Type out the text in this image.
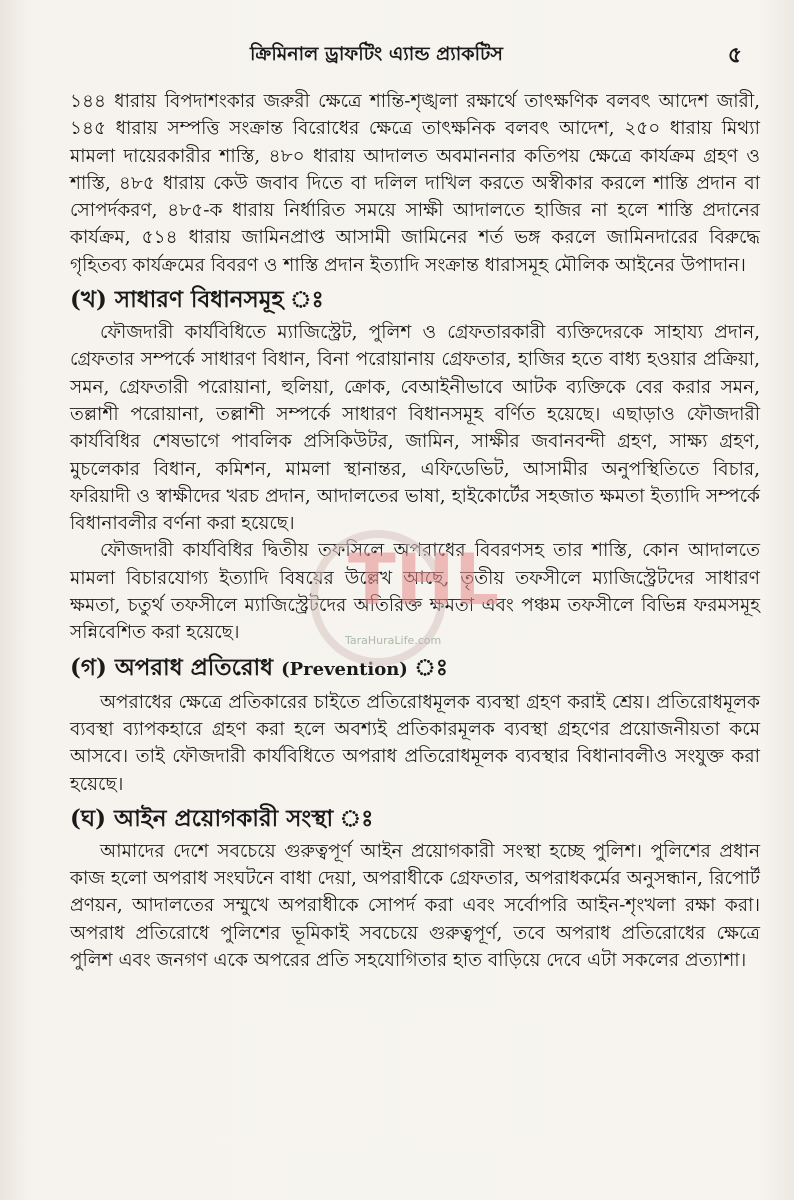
ক্রিমিনাল ড্রাফটিং এ্যান্ড প্র্যাকটিস	৫

১৪৪ ধারায় বিপদাশংকার জরুরী ক্ষেত্রে শান্তি-শৃঙ্খলা রক্ষার্থে তাৎক্ষণিক বলবৎ আদেশ জারী, ১৪৫ ধারায় সম্পত্তি সংক্রান্ত বিরোধের ক্ষেত্রে তাৎক্ষনিক বলবৎ আদেশ, ২৫০ ধারায় মিথ্যা মামলা দায়েরকারীর শাস্তি, ৪৮০ ধারায় আদালত অবমাননার কতিপয় ক্ষেত্রে কার্যক্রম গ্রহণ ও শাস্তি, ৪৮৫ ধারায় কেউ জবাব দিতে বা দলিল দাখিল করতে অস্বীকার করলে শাস্তি প্রদান বা সোপর্দকরণ, ৪৮৫-ক ধারায় নির্ধারিত সময়ে সাক্ষী আদালতে হাজির না হলে শাস্তি প্রদানের কার্যক্রম, ৫১৪ ধারায় জামিনপ্রাপ্ত আসামী জামিনের শর্ত ভঙ্গ করলে জামিনদারের বিরুদ্ধে গৃহিতব্য কার্যক্রমের বিবরণ ও শাস্তি প্রদান ইত্যাদি সংক্রান্ত ধারাসমূহ মৌলিক আইনের উপাদান।

(খ) সাধারণ বিধানসমূহ ঃ

ফৌজদারী কার্যবিধিতে ম্যাজিস্ট্রেট, পুলিশ ও গ্রেফতারকারী ব্যক্তিদেরকে সাহায্য প্রদান, গ্রেফতার সম্পর্কে সাধারণ বিধান, বিনা পরোয়ানায় গ্রেফতার, হাজির হতে বাধ্য হওয়ার প্রক্রিয়া, সমন, গ্রেফতারী পরোয়ানা, হুলিয়া, ক্রোক, বেআইনীভাবে আটক ব্যক্তিকে বের করার সমন, তল্লাশী পরোয়ানা, তল্লাশী সম্পর্কে সাধারণ বিধানসমূহ বর্ণিত হয়েছে। এছাড়াও ফৌজদারী কার্যবিধির শেষভাগে পাবলিক প্রসিকিউটর, জামিন, সাক্ষীর জবানবন্দী গ্রহণ, সাক্ষ্য গ্রহণ, মুচলেকার বিধান, কমিশন, মামলা স্থানান্তর, এফিডেভিট, আসামীর অনুপস্থিতিতে বিচার, ফরিয়াদী ও স্বাক্ষীদের খরচ প্রদান, আদালতের ভাষা, হাইকোর্টের সহজাত ক্ষমতা ইত্যাদি সম্পর্কে বিধানাবলীর বর্ণনা করা হয়েছে।

ফৌজদারী কার্যবিধির দ্বিতীয় তফসিলে অপরাধের বিবরণসহ তার শাস্তি, কোন আদালতে মামলা বিচারযোগ্য ইত্যাদি বিষয়ের উল্লেখ আছে, তৃতীয় তফসীলে ম্যাজিস্ট্রেটদের সাধারণ ক্ষমতা, চতুর্থ তফসীলে ম্যাজিস্ট্রেটদের অতিরিক্ত ক্ষমতা এবং পঞ্চম তফসীলে বিভিন্ন ফরমসমূহ সন্নিবেশিত করা হয়েছে।

(গ) অপরাধ প্রতিরোধ (Prevention)

অপরাধের ক্ষেত্রে প্রতিকারের চাইতে প্রতিরোধমূলক ব্যবস্থা গ্রহণ করাই শ্রেয়। প্রতিরোধমূলক ব্যবস্থা ব্যাপকহারে গ্রহণ করা হলে অবশ্যই প্রতিকারমূলক ব্যবস্থা গ্রহণের প্রয়োজনীয়তা কমে আসবে। তাই ফৌজদারী কার্যবিধিতে অপরাধ প্রতিরোধমূলক ব্যবস্থার বিধানাবলীও সংযুক্ত করা হয়েছে।

(ঘ) আইন প্রয়োগকারী সংস্থা ঃ

আমাদের দেশে সবচেয়ে গুরুত্বপূর্ণ আইন প্রয়োগকারী সংস্থা হচ্ছে পুলিশ। পুলিশের প্রধান কাজ হলো অপরাধ সংঘটনে বাধা দেয়া, অপরাধীকে গ্রেফতার, অপরাধকর্মের অনুসন্ধান, রিপোর্ট প্রণয়ন, আদালতের সম্মুখে অপরাধীকে সোপর্দ করা এবং সর্বোপরি আইন-শৃংখলা রক্ষা করা। অপরাধ প্রতিরোধে পুলিশের ভূমিকাই সবচেয়ে গুরুত্বপূর্ণ, তবে অপরাধ প্রতিরোধের ক্ষেত্রে পুলিশ এবং জনগণ একে অপরের প্রতি সহযোগিতার হাত বাড়িয়ে দেবে এটা সকলের প্রত্যাশা।

THL
TaraHuraLife.com
